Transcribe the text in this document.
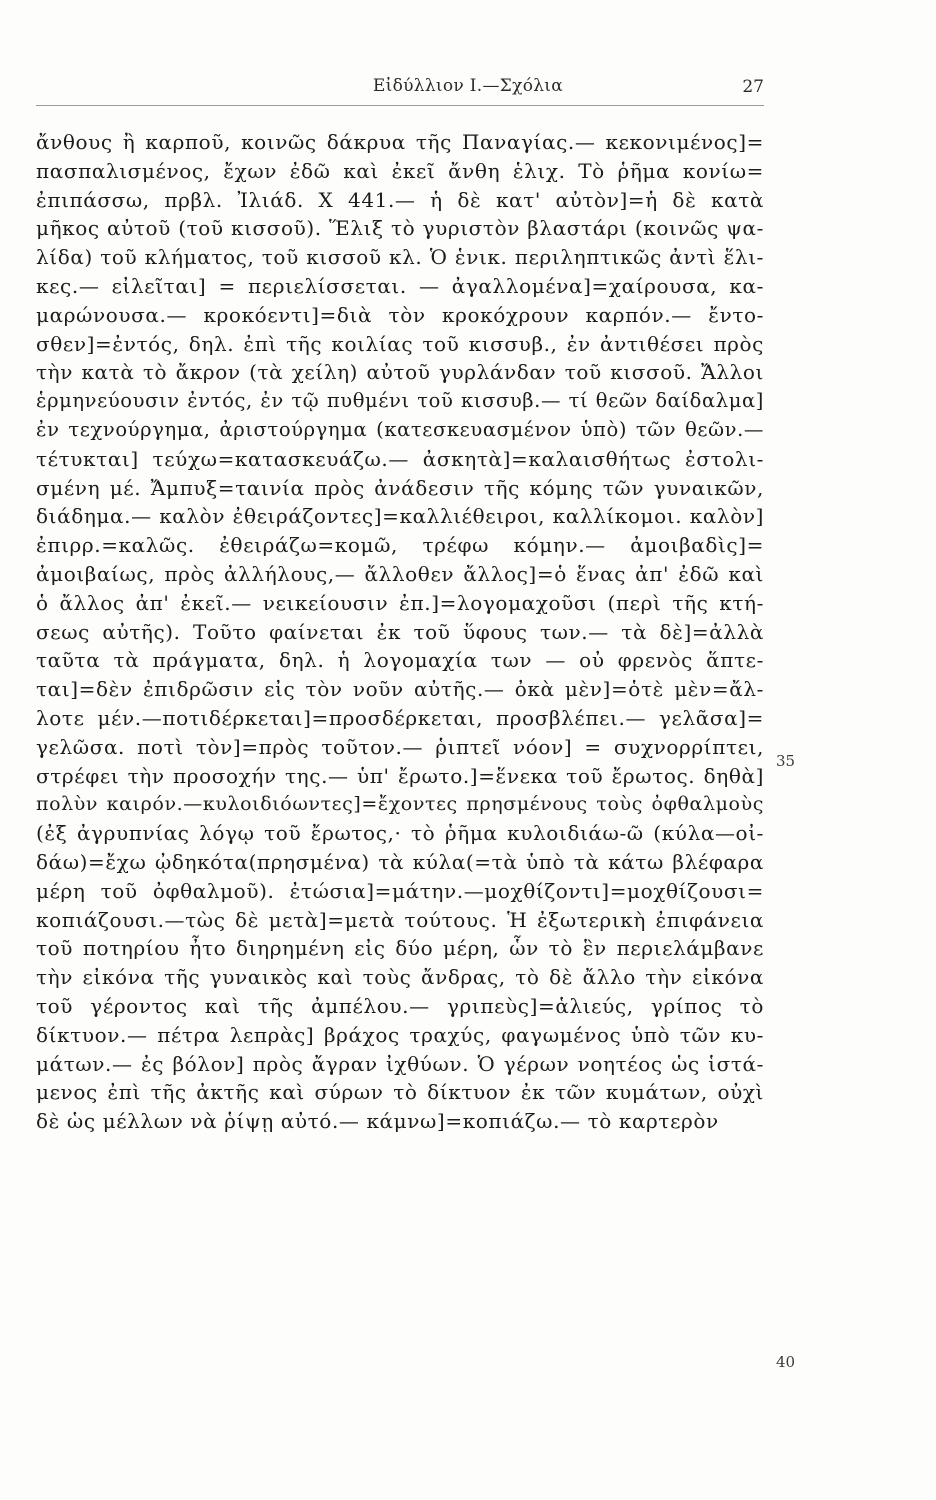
Εἰδύλλιον Ι.—Σχόλια	27
ἄνθους ἢ καρποῦ, κοινῶς δάκρυα τῆς Παναγίας.— κεκονιμένος]=
πασπαλισμένος, ἔχων ἐδῶ καὶ ἐκεῖ ἄνθη ἑλιχ. Τὸ ῥῆμα κονίω=
ἐπιπάσσω, πρβλ. Ἰλιάδ. Χ 441.— ἡ δὲ κατ' αὐτὸν]=ἡ δὲ κατὰ
μῆκος αὐτοῦ (τοῦ κισσοῦ). Ἕλιξ τὸ γυριστὸν βλαστάρι (κοινῶς ψα-
λίδα) τοῦ κλήματος, τοῦ κισσοῦ κλ. Ὁ ἑνικ. περιληπτικῶς ἀντὶ ἕλι-
κες.— εἰλεῖται] = περιελίσσεται. — ἀγαλλομένα]=χαίρουσα, κα-
μαρώνουσα.— κροκόεντι]=διὰ τὸν κροκόχρουν καρπόν.— ἔντο-
σθεν]=ἐντός, δηλ. ἐπὶ τῆς κοιλίας τοῦ κισσυβ., ἐν ἀντιθέσει πρὸς
τὴν κατὰ τὸ ἄκρον (τὰ χείλη) αὐτοῦ γυρλάνδαν τοῦ κισσοῦ. Ἄλλοι
ἑρμηνεύουσιν ἐντός, ἐν τῷ πυθμένι τοῦ κισσυβ.— τί θεῶν δαίδαλμα]
ἐν τεχνούργημα, ἀριστούργημα (κατεσκευασμένον ὑπὸ) τῶν θεῶν.—
τέτυκται] τεύχω=κατασκευάζω.— ἀσκητὰ]=καλαισθήτως ἐστολι-
σμένη μέ. Ἄμπυξ=ταινία πρὸς ἀνάδεσιν τῆς κόμης τῶν γυναικῶν,
διάδημα.— καλὸν ἐθειράζοντες]=καλλιέθειροι, καλλίκομοι. καλὸν]
ἐπιρρ.=καλῶς. ἐθειράζω=κομῶ, τρέφω κόμην.— ἀμοιβαδὶς]=
ἀμοιβαίως, πρὸς ἀλλήλους,— ἄλλοθεν ἄλλος]=ὁ ἕνας ἀπ' ἐδῶ καὶ
ὁ ἄλλος ἀπ' ἐκεῖ.— νεικείουσιν ἐπ.]=λογομαχοῦσι (περὶ τῆς κτή-
σεως αὐτῆς). Τοῦτο φαίνεται ἐκ τοῦ ὕφους των.— τὰ δὲ]=ἀλλὰ
ταῦτα τὰ πράγματα, δηλ. ἡ λογομαχία των — οὐ φρενὸς ἅπτε-
ται]=δὲν ἐπιδρῶσιν εἰς τὸν νοῦν αὐτῆς.— ὀκὰ μὲν]=ὁτὲ μὲν=ἄλ-
λοτε μέν.—ποτιδέρκεται]=προσδέρκεται, προσβλέπει.— γελᾶσα]=
γελῶσα. ποτὶ τὸν]=πρὸς τοῦτον.— ῥιπτεῖ νόον] = συχνορρίπτει,
στρέφει τὴν προσοχήν της.— ὑπ' ἔρωτο.]=ἕνεκα τοῦ ἔρωτος. δηθὰ]
πολὺν καιρόν.—κυλοιδιόωντες]=ἔχοντες πρησμένους τοὺς ὀφθαλμοὺς
(ἐξ ἀγρυπνίας λόγῳ τοῦ ἔρωτος,· τὸ ῥῆμα κυλοιδιάω-ῶ (κύλα—οἰ-
δάω)=ἔχω ᾠδηκότα(πρησμένα) τὰ κύλα(=τὰ ὑπὸ τὰ κάτω βλέφαρα
μέρη τοῦ ὀφθαλμοῦ). ἐτώσια]=μάτην.—μοχθίζοντι]=μοχθίζουσι=
κοπιάζουσι.—τὼς δὲ μετὰ]=μετὰ τούτους. Ἡ ἐξωτερικὴ ἐπιφάνεια
τοῦ ποτηρίου ἦτο διηρημένη εἰς δύο μέρη, ὧν τὸ ἓν περιελάμβανε
τὴν εἰκόνα τῆς γυναικὸς καὶ τοὺς ἄνδρας, τὸ δὲ ἄλλο τὴν εἰκόνα
τοῦ γέροντος καὶ τῆς ἀμπέλου.— γριπεὺς]=ἁλιεύς, γρίπος τὸ
δίκτυον.— πέτρα λεπρὰς] βράχος τραχύς, φαγωμένος ὑπὸ τῶν κυ-
μάτων.— ἐς βόλον] πρὸς ἄγραν ἰχθύων. Ὁ γέρων νοητέος ὡς ἱστά-
μενος ἐπὶ τῆς ἀκτῆς καὶ σύρων τὸ δίκτυον ἐκ τῶν κυμάτων, οὐχὶ
δὲ ὡς μέλλων νὰ ῥίψῃ αὐτό.— κάμνω]=κοπιάζω.— τὸ καρτερὸν
35
40
